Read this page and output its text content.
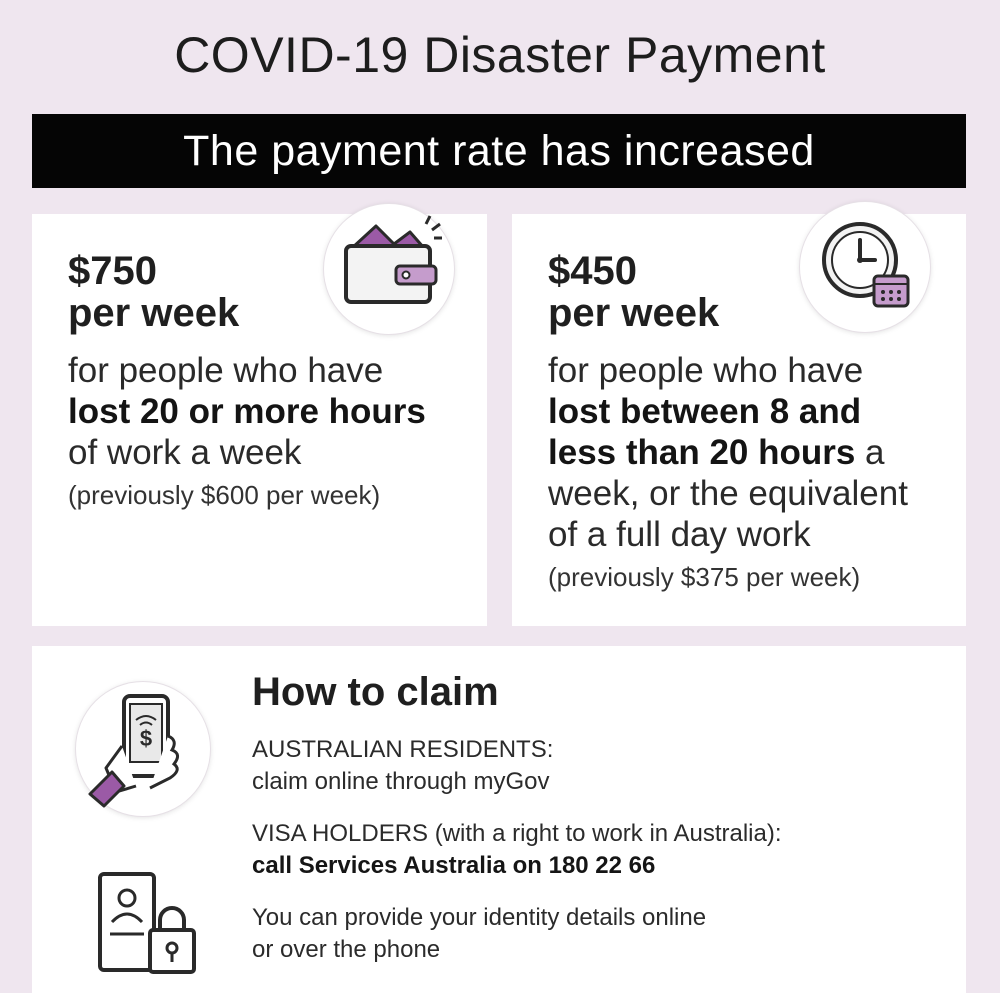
COVID-19 Disaster Payment
The payment rate has increased
$750
per week
for people who have
lost 20 or more hours
of work a week
(previously $600 per week)
$450
per week
for people who have
lost between 8 and
less than 20 hours a
week, or the equivalent
of a full day work
(previously $375 per week)
$
How to claim
AUSTRALIAN RESIDENTS:
claim online through myGov
VISA HOLDERS (with a right to work in Australia):
call Services Australia on 180 22 66
You can provide your identity details online
or over the phone
